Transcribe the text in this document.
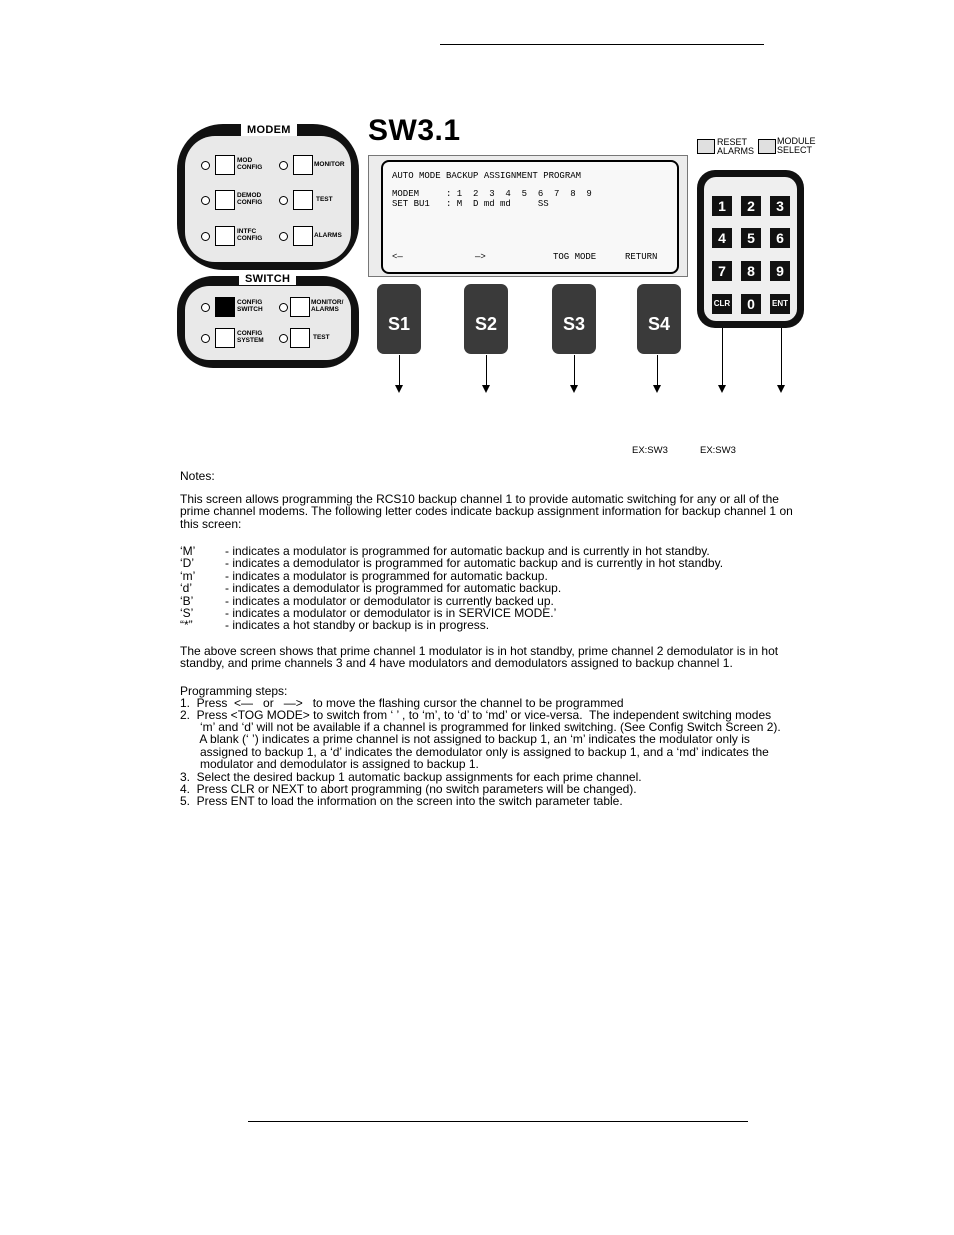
MODEM
MOD
CONFIG	MONITOR
DEMOD
CONFIG	TEST
INTFC
CONFIG	ALARMS
SWITCH
CONFIG
SWITCH
MONITOR/
ALARMS
CONFIG
SYSTEM	TEST
SW3.1
AUTO MODE BACKUP ASSIGNMENT PROGRAM
MODEM     : 1  2  3  4  5  6  7  8  9
SET BU1   : M  D md md     SS
<—	—>	TOG MODE	RETURN
S1	S2	S3	S4
RESET
ALARMS
MODULE
SELECT
1	2	3
4	5	6
7	8	9
CLR	0	ENT
EX:SW3	EX:SW3
Notes:
This screen allows programming the RCS10 backup channel 1 to provide automatic switching for any or all of the prime channel modems. The following letter codes indicate backup assignment information for backup channel 1 on this screen:
‘M’ - indicates a modulator is programmed for automatic backup and is currently in hot standby.
‘D’	- indicates a demodulator is programmed for automatic backup and is currently in hot standby.
‘m’ - indicates a modulator is programmed for automatic backup.
‘d’	- indicates a demodulator is programmed for automatic backup.
‘B’	- indicates a modulator or demodulator is currently backed up.
‘S’	- indicates a modulator or demodulator is in SERVICE MODE.’
“*”	- indicates a hot standby or backup is in progress.
The above screen shows that prime channel 1 modulator is in hot standby, prime channel 2 demodulator is in hot standby, and prime channels 3 and 4 have modulators and demodulators assigned to backup channel 1.
Programming steps:
1.  Press  <—   or   —>   to move the flashing cursor the channel to be programmed
2.  Press <TOG MODE> to switch from ‘ ’ , to ‘m’, to ‘d’ to ‘md’ or vice-versa.  The independent switching modes
‘m’ and ‘d’ will not be available if a channel is programmed for linked switching. (See Config Switch Screen 2).
A blank (‘ ’) indicates a prime channel is not assigned to backup 1, an ‘m’ indicates the modulator only is
assigned to backup 1, a ‘d’ indicates the demodulator only is assigned to backup 1, and a ‘md’ indicates the
modulator and demodulator is assigned to backup 1.
3.  Select the desired backup 1 automatic backup assignments for each prime channel.
4.  Press CLR or NEXT to abort programming (no switch parameters will be changed).
5.  Press ENT to load the information on the screen into the switch parameter table.
